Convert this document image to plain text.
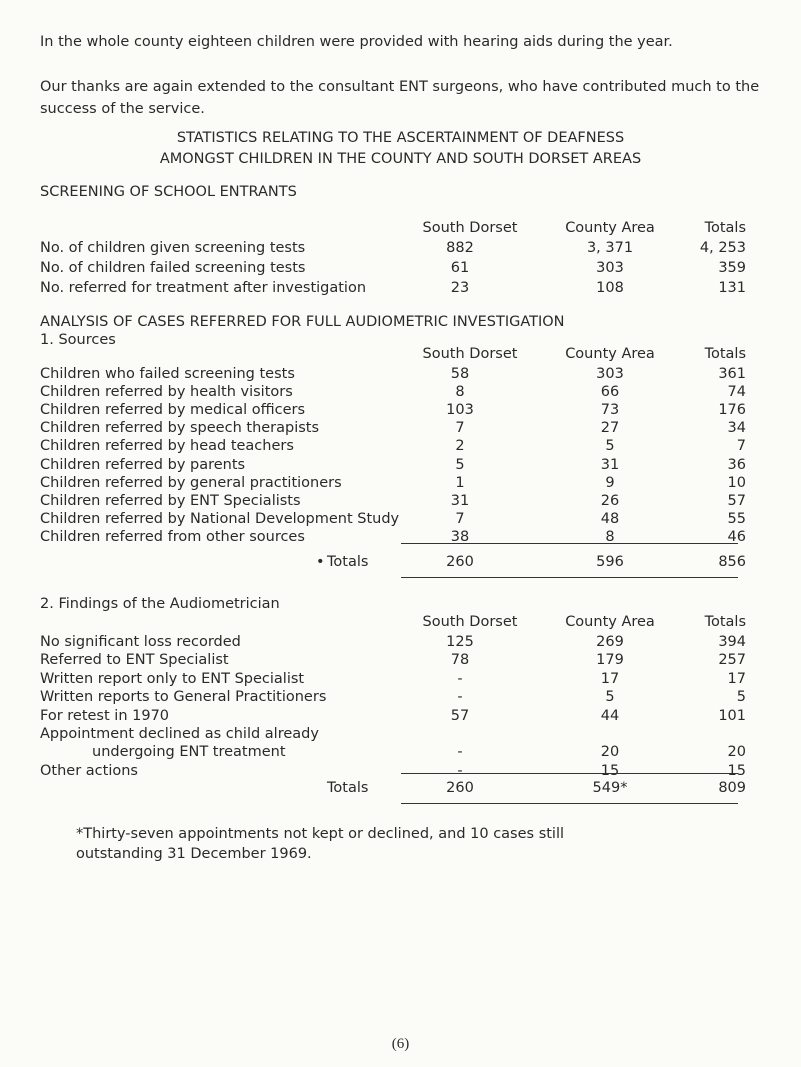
In the whole county eighteen children were provided with hearing aids during the year.
Our thanks are again extended to the consultant ENT surgeons, who have contributed much to the success of the service.
STATISTICS RELATING TO THE ASCERTAINMENT OF DEAFNESS
AMONGST CHILDREN IN THE COUNTY AND SOUTH DORSET AREAS
SCREENING OF SCHOOL ENTRANTS
South Dorset	County Area	Totals
No. of children given screening tests	882	3, 371	4, 253
No. of children failed screening tests	61	303	359
No. referred for treatment after investigation	23	108	131
ANALYSIS OF CASES REFERRED FOR FULL AUDIOMETRIC INVESTIGATION
1. Sources
South Dorset	County Area	Totals
Children who failed screening tests	58	303	361
Children referred by health visitors	8	66	74
Children referred by medical officers	103	73	176
Children referred by speech therapists	7	27	34
Children referred by head teachers	2	5	7
Children referred by parents	5	31	36
Children referred by general practitioners	1	9	10
Children referred by ENT Specialists	31	26	57
Children referred by National Development Study	7	48	55
Children referred from other sources	38	8	46
• Totals	260	596	856
2. Findings of the Audiometrician
South Dorset	County Area	Totals
No significant loss recorded	125	269	394
Referred to ENT Specialist	78	179	257
Written report only to ENT Specialist	-	17	17
Written reports to General Practitioners	-	5	5
For retest in 1970	57	44	101
Appointment declined as child already
undergoing ENT treatment	-	20	20
Other actions	-	15	15
Totals	260	549*	809
*Thirty-seven appointments not kept or declined, and 10 cases still
outstanding 31 December 1969.
(6)
